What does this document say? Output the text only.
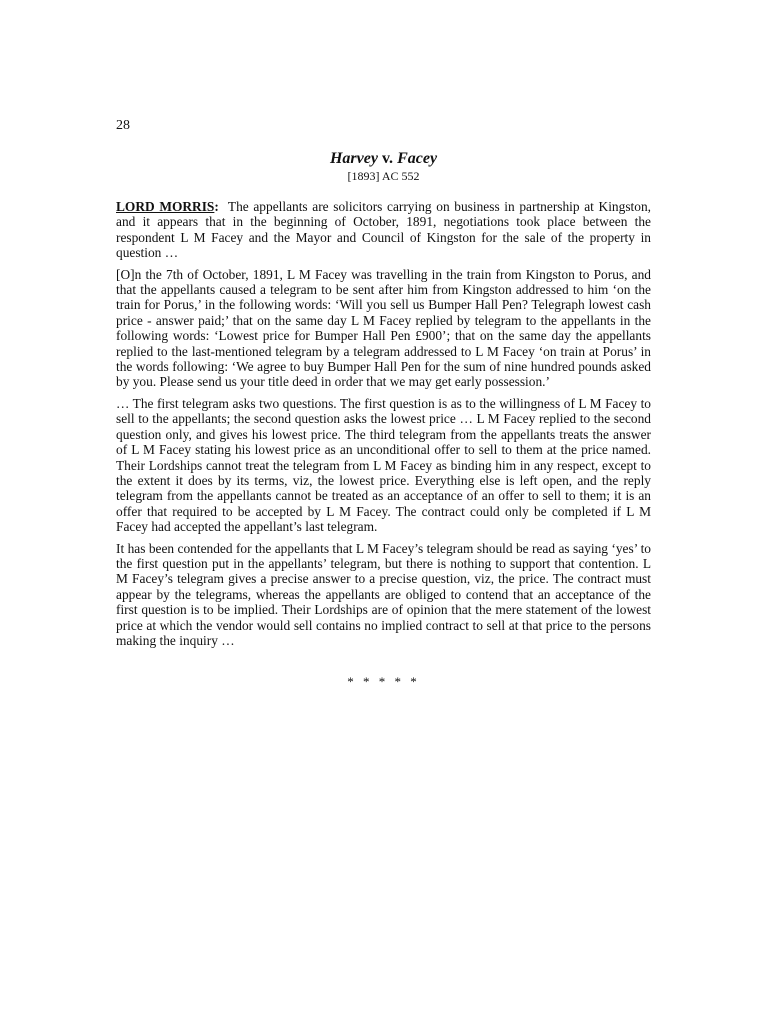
28

Harvey v. Facey

[1893] AC 552

LORD MORRIS:  The appellants are solicitors carrying on business in partnership at Kingston, and it appears that in the beginning of October, 1891, negotiations took place between the respondent L M Facey and the Mayor and Council of Kingston for the sale of the property in question …

[O]n the 7th of October, 1891, L M Facey was travelling in the train from Kingston to Porus, and that the appellants caused a telegram to be sent after him from Kingston addressed to him ‘on the train for Porus,’ in the following words: ‘Will you sell us Bumper Hall Pen? Telegraph lowest cash price - answer paid;’ that on the same day L M Facey replied by telegram to the appellants in the following words: ‘Lowest price for Bumper Hall Pen £900’; that on the same day the appellants replied to the last-mentioned telegram by a telegram addressed to L M Facey ‘on train at Porus’ in the words following: ‘We agree to buy Bumper Hall Pen for the sum of nine hundred pounds asked by you. Please send us your title deed in order that we may get early possession.’

… The first telegram asks two questions. The first question is as to the willingness of L M Facey to sell to the appellants; the second question asks the lowest price … L M Facey replied to the second question only, and gives his lowest price. The third telegram from the appellants treats the answer of L M Facey stating his lowest price as an unconditional offer to sell to them at the price named. Their Lordships cannot treat the telegram from L M Facey as binding him in any respect, except to the extent it does by its terms, viz, the lowest price. Everything else is left open, and the reply telegram from the appellants cannot be treated as an acceptance of an offer to sell to them; it is an offer that required to be accepted by L M Facey. The contract could only be completed if L M Facey had accepted the appellant’s last telegram.

It has been contended for the appellants that L M Facey’s telegram should be read as saying ‘yes’ to the first question put in the appellants’ telegram, but there is nothing to support that contention. L M Facey’s telegram gives a precise answer to a precise question, viz, the price. The contract must appear by the telegrams, whereas the appellants are obliged to contend that an acceptance of the first question is to be implied. Their Lordships are of opinion that the mere statement of the lowest price at which the vendor would sell contains no implied contract to sell at that price to the persons making the inquiry …

* * * * *
